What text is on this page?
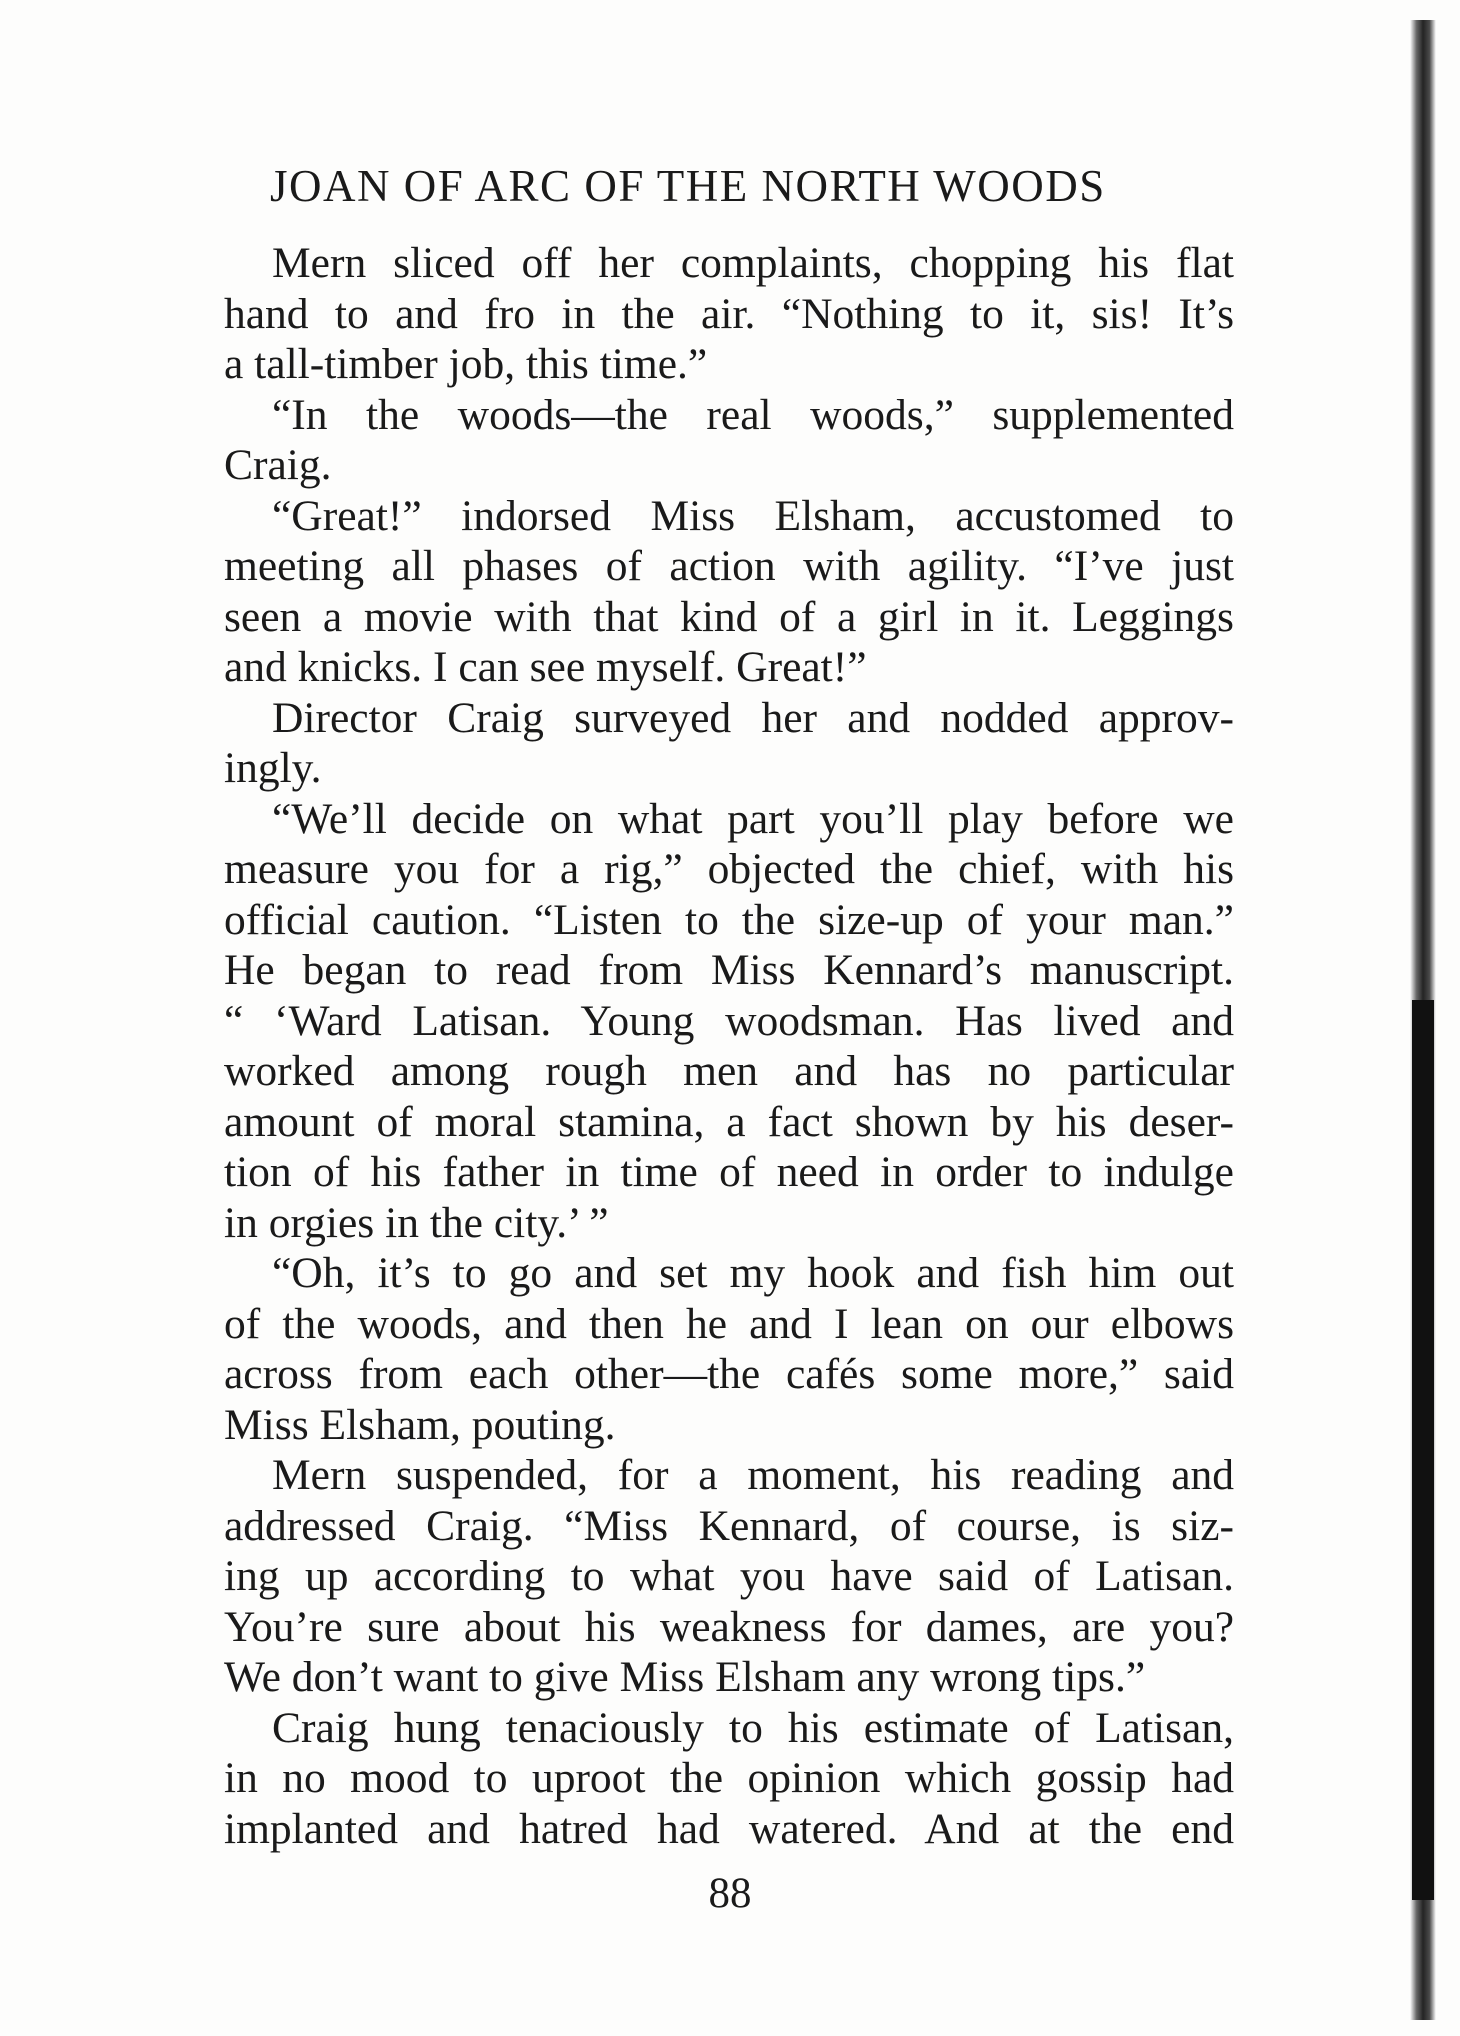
JOAN OF ARC OF THE NORTH WOODS
Mern sliced off her complaints, chopping his flat
hand to and fro in the air. “Nothing to it, sis! It’s
a tall-timber job, this time.”
“In the woods—the real woods,” supplemented
Craig.
“Great!” indorsed Miss Elsham, accustomed to
meeting all phases of action with agility. “I’ve just
seen a movie with that kind of a girl in it. Leggings
and knicks. I can see myself. Great!”
Director Craig surveyed her and nodded approv-
ingly.
“We’ll decide on what part you’ll play before we
measure you for a rig,” objected the chief, with his
official caution. “Listen to the size-up of your man.”
He began to read from Miss Kennard’s manuscript.
“ ‘Ward Latisan. Young woodsman. Has lived and
worked among rough men and has no particular
amount of moral stamina, a fact shown by his deser-
tion of his father in time of need in order to indulge
in orgies in the city.’ ”
“Oh, it’s to go and set my hook and fish him out
of the woods, and then he and I lean on our elbows
across from each other—the cafés some more,” said
Miss Elsham, pouting.
Mern suspended, for a moment, his reading and
addressed Craig. “Miss Kennard, of course, is siz-
ing up according to what you have said of Latisan.
You’re sure about his weakness for dames, are you?
We don’t want to give Miss Elsham any wrong tips.”
Craig hung tenaciously to his estimate of Latisan,
in no mood to uproot the opinion which gossip had
implanted and hatred had watered. And at the end
88
